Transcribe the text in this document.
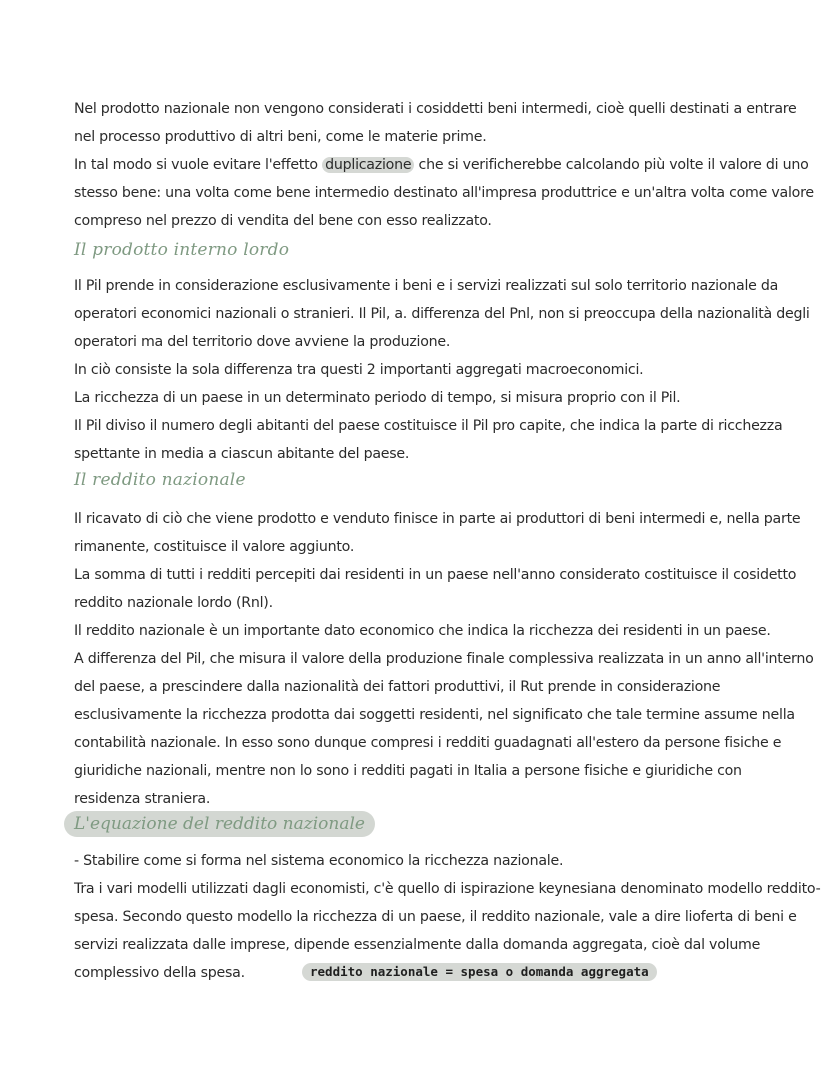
Nel prodotto nazionale non vengono considerati i cosiddetti beni intermedi, cioè quelli destinati a entrare
nel processo produttivo di altri beni, come le materie prime.
In tal modo si vuole evitare l'effetto duplicazione che si verificherebbe calcolando più volte il valore di uno
stesso bene: una volta come bene intermedio destinato all'impresa produttrice e un'altra volta come valore
compreso nel prezzo di vendita del bene con esso realizzato.
Il prodotto interno lordo
Il Pil prende in considerazione esclusivamente i beni e i servizi realizzati sul solo territorio nazionale da
operatori economici nazionali o stranieri. Il Pil, a. differenza del Pnl, non si preoccupa della nazionalità degli
operatori ma del territorio dove avviene la produzione.
In ciò consiste la sola differenza tra questi 2 importanti aggregati macroeconomici.
La ricchezza di un paese in un determinato periodo di tempo, si misura proprio con il Pil.
Il Pil diviso il numero degli abitanti del paese costituisce il Pil pro capite, che indica la parte di ricchezza
spettante in media a ciascun abitante del paese.
Il reddito nazionale
Il ricavato di ciò che viene prodotto e venduto finisce in parte ai produttori di beni intermedi e, nella parte
rimanente, costituisce il valore aggiunto.
La somma di tutti i redditi percepiti dai residenti in un paese nell'anno considerato costituisce il cosidetto
reddito nazionale lordo (Rnl).
Il reddito nazionale è un importante dato economico che indica la ricchezza dei residenti in un paese.
A differenza del Pil, che misura il valore della produzione finale complessiva realizzata in un anno all'interno
del paese, a prescindere dalla nazionalità dei fattori produttivi, il Rut prende in considerazione
esclusivamente la ricchezza prodotta dai soggetti residenti, nel significato che tale termine assume nella
contabilità nazionale. In esso sono dunque compresi i redditi guadagnati all'estero da persone fisiche e
giuridiche nazionali, mentre non lo sono i redditi pagati in Italia a persone fisiche e giuridiche con
residenza straniera.
L'equazione del reddito nazionale
- Stabilire come si forma nel sistema economico la ricchezza nazionale.
Tra i vari modelli utilizzati dagli economisti, c'è quello di ispirazione keynesiana denominato modello reddito-
spesa. Secondo questo modello la ricchezza di un paese, il reddito nazionale, vale a dire lioferta di beni e
servizi realizzata dalle imprese, dipende essenzialmente dalla domanda aggregata, cioè dal volume
complessivo della spesa.	reddito nazionale = spesa o domanda aggregata
